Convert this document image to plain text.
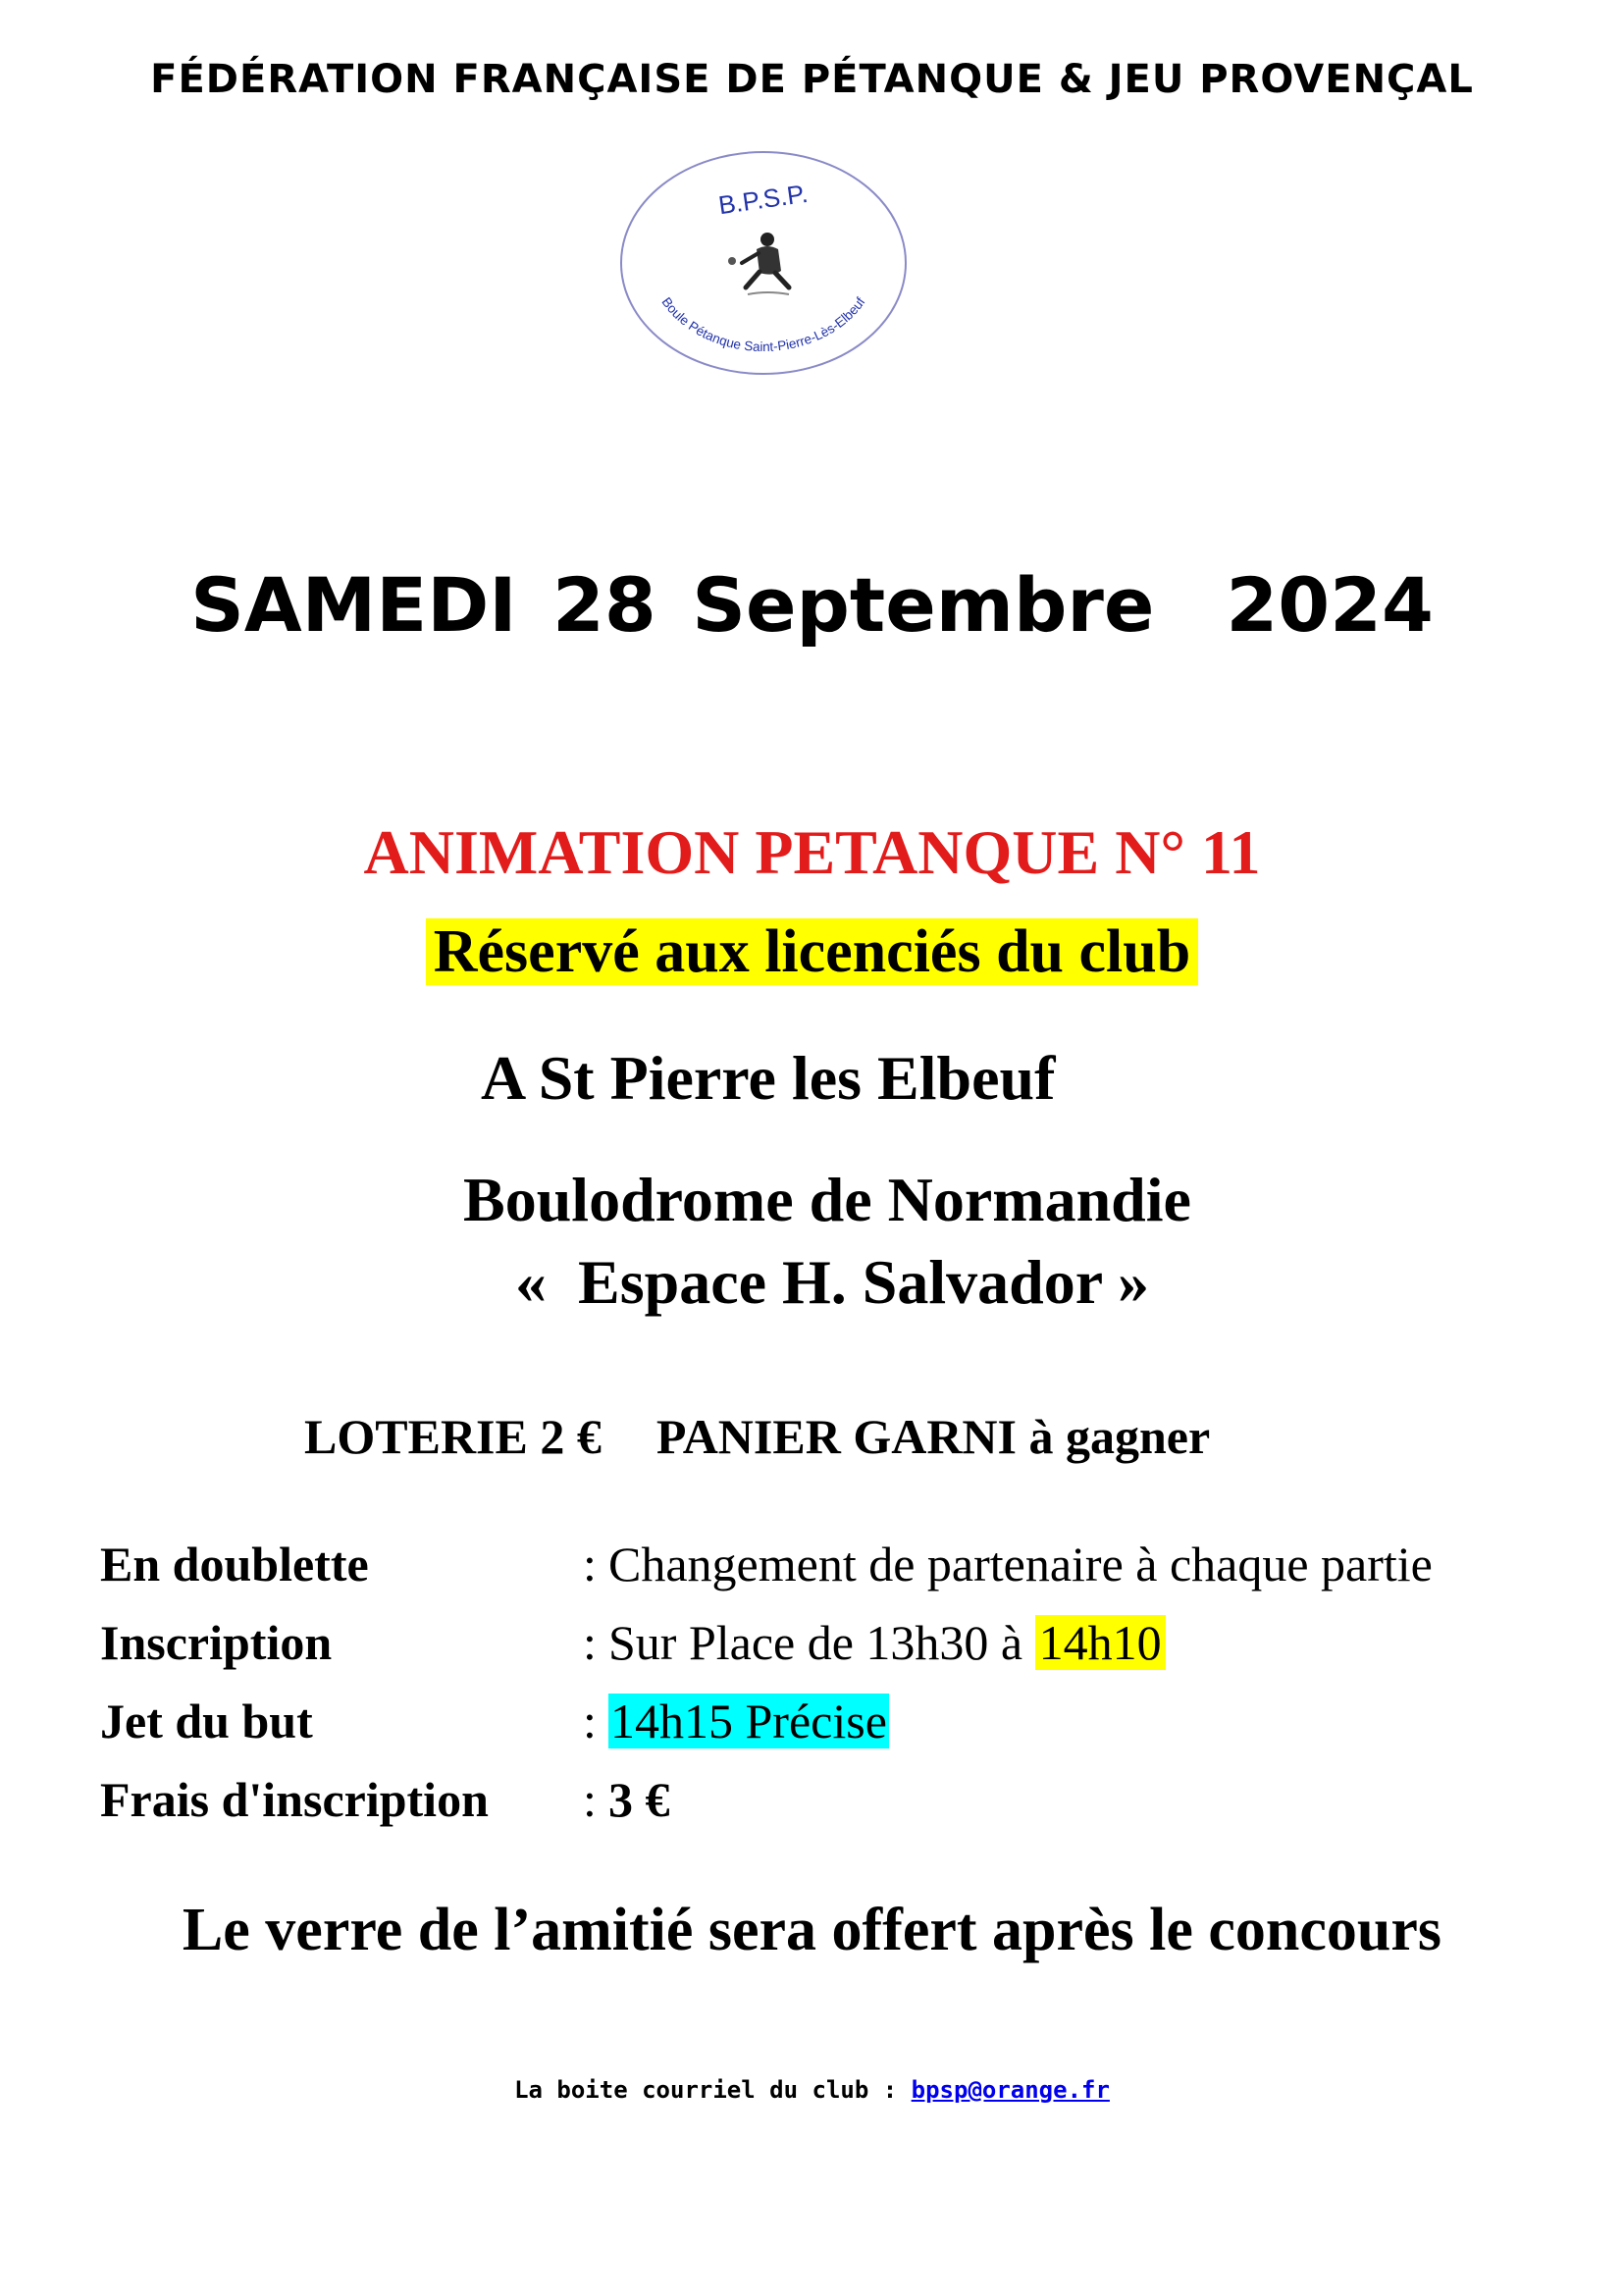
FÉDÉRATION FRANÇAISE DE PÉTANQUE & JEU PROVENÇAL
B.P.S.P.
Boule Pétanque Saint-Pierre-Lès-Elbeuf
SAMEDI 28 Septembre  2024
ANIMATION PETANQUE N° 11
Réservé aux licenciés du club
A St Pierre les Elbeuf
Boulodrome de Normandie
«  Espace H. Salvador »
LOTERIE 2 € PANIER GARNI à gagner
En doublette	: Changement de partenaire à chaque partie
Inscription	: Sur Place de 13h30 à 14h10
Jet du but	: 14h15 Précise
Frais d'inscription : 3 €
Le verre de l’amitié sera offert après le concours
La boite courriel du club : bpsp@orange.fr
